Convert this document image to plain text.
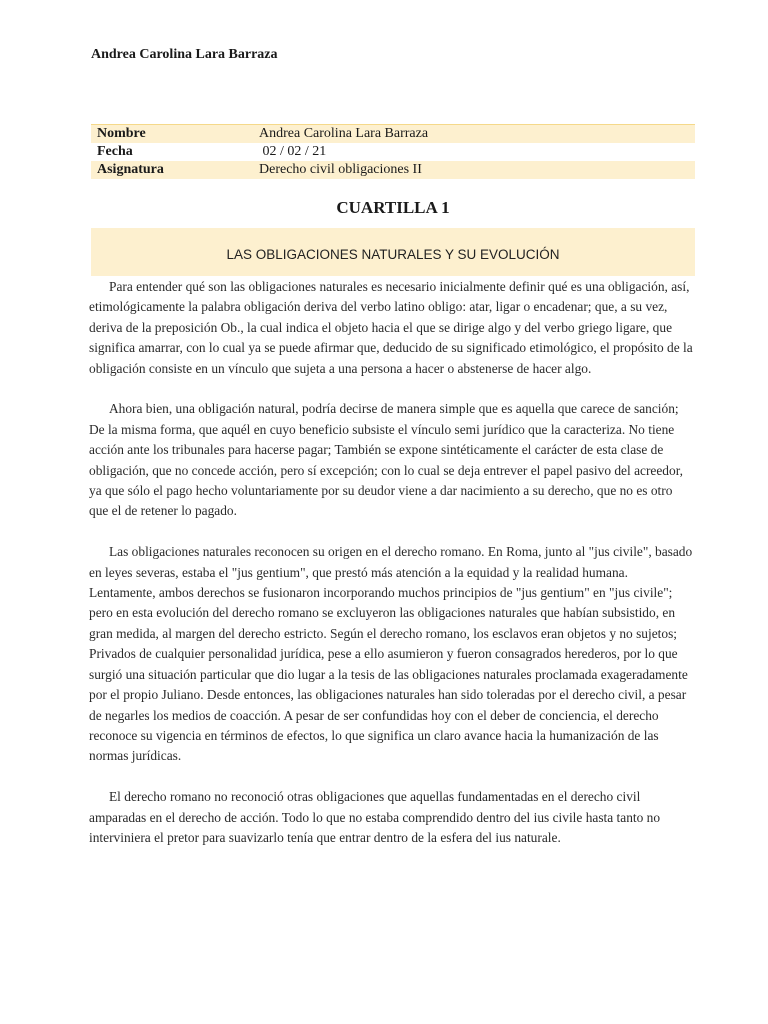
Andrea Carolina Lara Barraza
Nombre	Andrea Carolina Lara Barraza
Fecha	02 / 02 / 21
Asignatura	Derecho civil obligaciones II
CUARTILLA 1
LAS OBLIGACIONES NATURALES Y SU EVOLUCIÓN

Para entender qué son las obligaciones naturales es necesario inicialmente definir qué es una obligación, así, etimológicamente la palabra obligación deriva del verbo latino obligo: atar, ligar o encadenar; que, a su vez, deriva de la preposición Ob., la cual indica el objeto hacia el que se dirige algo y del verbo griego ligare, que significa amarrar, con lo cual ya se puede afirmar que, deducido de su significado etimológico, el propósito de la obligación consiste en un vínculo que sujeta a una persona a hacer o abstenerse de hacer algo.

Ahora bien, una obligación natural, podría decirse de manera simple que es aquella que carece de sanción; De la misma forma, que aquél en cuyo beneficio subsiste el vínculo semi jurídico que la caracteriza. No tiene acción ante los tribunales para hacerse pagar; También se expone sintéticamente el carácter de esta clase de obligación, que no concede acción, pero sí excepción; con lo cual se deja entrever el papel pasivo del acreedor, ya que sólo el pago hecho voluntariamente por su deudor viene a dar nacimiento a su derecho, que no es otro que el de retener lo pagado.

Las obligaciones naturales reconocen su origen en el derecho romano. En Roma, junto al "jus civile", basado en leyes severas, estaba el "jus gentium", que prestó más atención a la equidad y la realidad humana. Lentamente, ambos derechos se fusionaron incorporando muchos principios de "jus gentium" en "jus civile"; pero en esta evolución del derecho romano se excluyeron las obligaciones naturales que habían subsistido, en gran medida, al margen del derecho estricto. Según el derecho romano, los esclavos eran objetos y no sujetos; Privados de cualquier personalidad jurídica, pese a ello asumieron y fueron consagrados herederos, por lo que surgió una situación particular que dio lugar a la tesis de las obligaciones naturales proclamada exageradamente por el propio Juliano. Desde entonces, las obligaciones naturales han sido toleradas por el derecho civil, a pesar de negarles los medios de coacción. A pesar de ser confundidas hoy con el deber de conciencia, el derecho reconoce su vigencia en términos de efectos, lo que significa un claro avance hacia la humanización de las normas jurídicas.

El derecho romano no reconoció otras obligaciones que aquellas fundamentadas en el derecho civil amparadas en el derecho de acción. Todo lo que no estaba comprendido dentro del ius civile hasta tanto no interviniera el pretor para suavizarlo tenía que entrar dentro de la esfera del ius naturale.
